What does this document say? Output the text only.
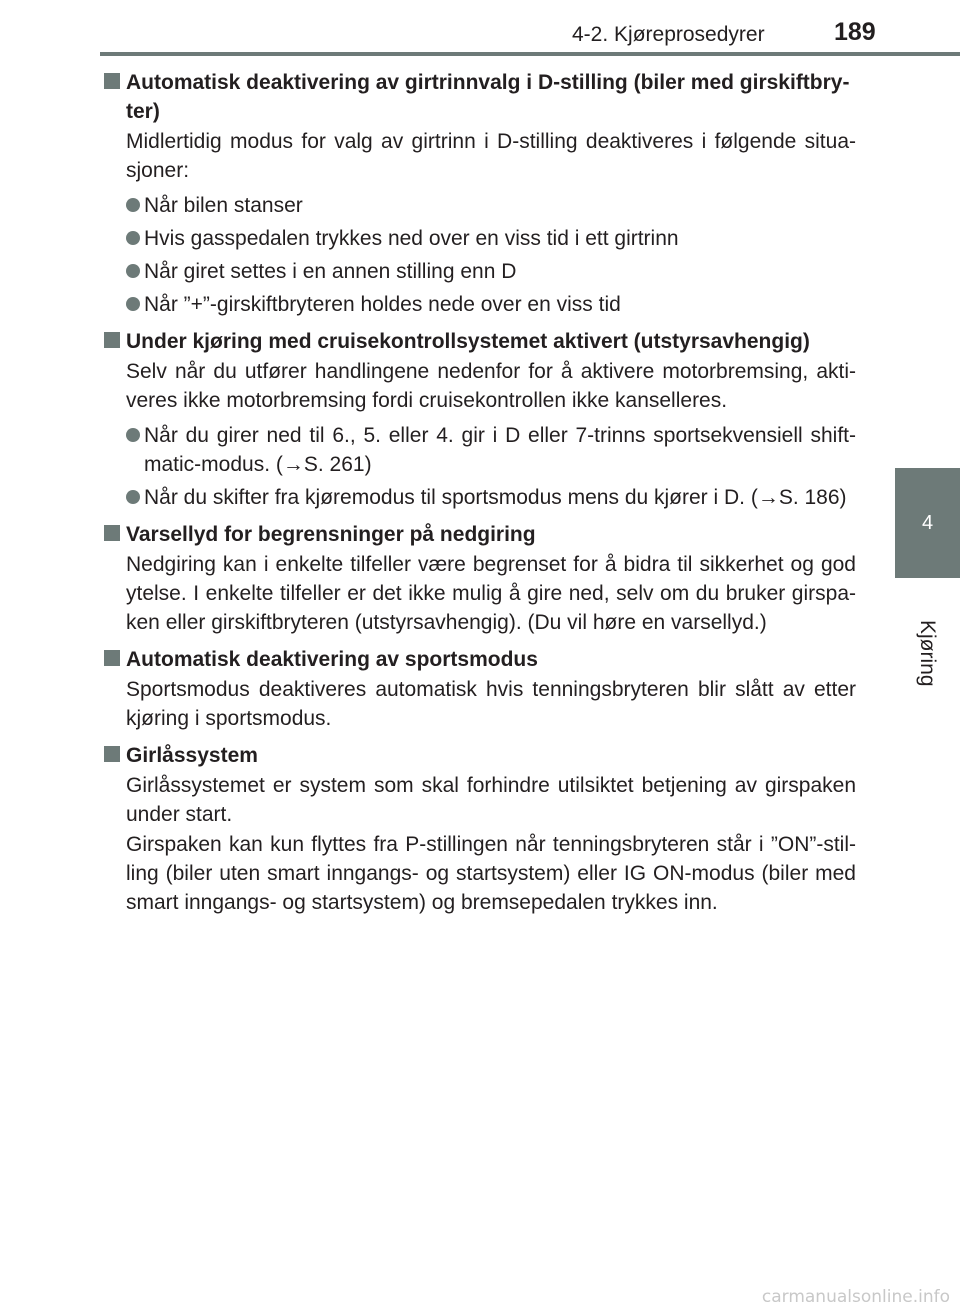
4-2. Kjøreprosedyrer	189
4
Kjøring
Automatisk deaktivering av girtrinnvalg i D-stilling (biler med girskiftbry-ter)
Midlertidig modus for valg av girtrinn i D-stilling deaktiveres i følgende situa-sjoner:
Når bilen stanser
Hvis gasspedalen trykkes ned over en viss tid i ett girtrinn
Når giret settes i en annen stilling enn D
Når ”+”-girskiftbryteren holdes nede over en viss tid
Under kjøring med cruisekontrollsystemet aktivert (utstyrsavhengig)
Selv når du utfører handlingene nedenfor for å aktivere motorbremsing, akti-veres ikke motorbremsing fordi cruisekontrollen ikke kanselleres.
Når du girer ned til 6., 5. eller 4. gir i D eller 7-trinns sportsekvensiell shift-matic-modus. (→S. 261)
Når du skifter fra kjøremodus til sportsmodus mens du kjører i D. (→S. 186)
Varsellyd for begrensninger på nedgiring
Nedgiring kan i enkelte tilfeller være begrenset for å bidra til sikkerhet og god ytelse. I enkelte tilfeller er det ikke mulig å gire ned, selv om du bruker girspa-ken eller girskiftbryteren (utstyrsavhengig). (Du vil høre en varsellyd.)
Automatisk deaktivering av sportsmodus
Sportsmodus deaktiveres automatisk hvis tenningsbryteren blir slått av etter kjøring i sportsmodus.
Girlåssystem
Girlåssystemet er system som skal forhindre utilsiktet betjening av girspaken under start.
Girspaken kan kun flyttes fra P-stillingen når tenningsbryteren står i ”ON”-stil-ling (biler uten smart inngangs- og startsystem) eller IG ON-modus (biler med smart inngangs- og startsystem) og bremsepedalen trykkes inn.
carmanualsonline.info
